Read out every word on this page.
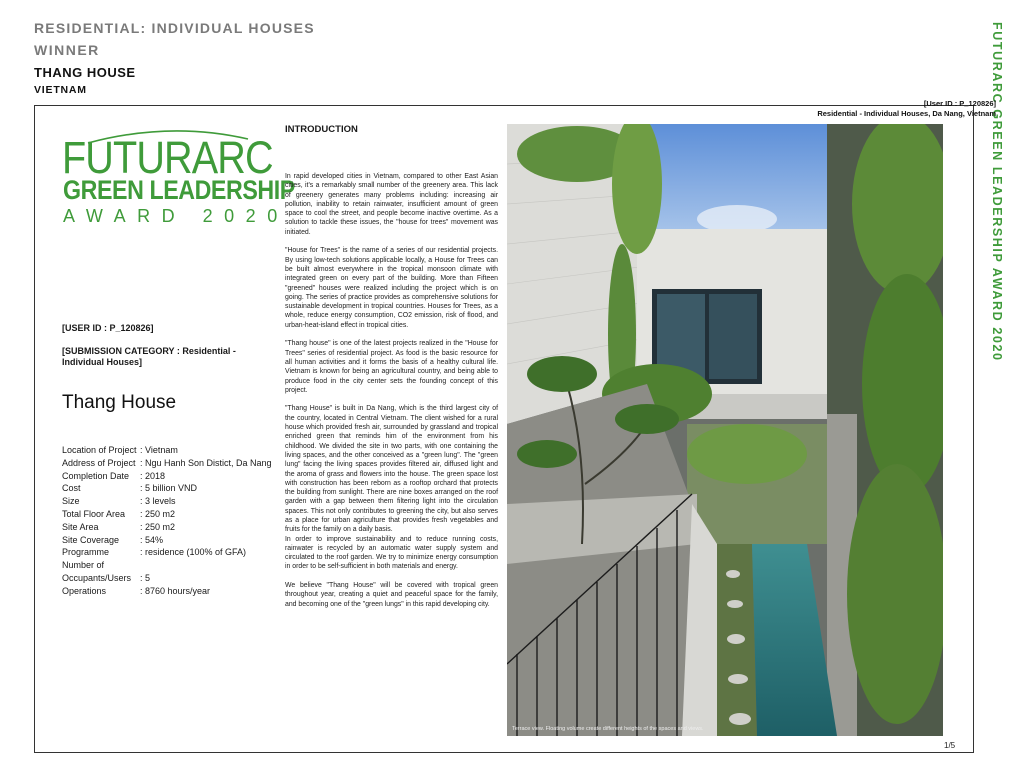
RESIDENTIAL: INDIVIDUAL HOUSES
WINNER
THANG HOUSE
VIETNAM	FUTURARC GREEN LEADERSHIP AWARD 2020
[User ID : P_120826]
Residential - Individual Houses, Da Nang, Vietnam
FUTURARC
GREEN LEADERSHIP
AWARD 2020
[USER ID : P_120826]
[SUBMISSION CATEGORY : Residential - Individual Houses]
Thang House
Location of Project : Vietnam
Address of Project : Ngu Hanh Son Distict, Da Nang
Completion Date	: 2018
Cost	: 5 billion VND
Size	: 3 levels
Total Floor Area	: 250 m2
Site Area	: 250 m2
Site Coverage	: 54%
Programme	: residence (100% of GFA)
Number of
Occupants/Users : 5
Operations	: 8760 hours/year
INTRODUCTION

In rapid developed cities in Vietnam, compared to other East Asian cities, it's a remarkably small number of the greenery area. This lack of greenery generates many problems including: increasing air pollution, inability to retain rainwater, insufficient amount of green space to cool the street, and people become inactive overtime. As a solution to tackle these issues, the "house for trees" movement was initiated.

"House for Trees" is the name of a series of our residential projects. By using low-tech solutions applicable locally, a House for Trees can be built almost everywhere in the tropical monsoon climate with integrated green on every part of the building. More than Fifteen "greened" houses were realized including the project which is on going. The series of practice provides as comprehensive solutions for sustainable development in tropical countries. Houses for Trees, as a whole, reduce energy consumption, CO2 emission, risk of flood, and urban-heat-island effect in tropical cities.

"Thang house" is one of the latest projects realized in the "House for Trees" series of residential project. As food is the basic resource for all human activities and it forms the basis of a healthy cultural life. Vietnam is known for being an agricultural country, and being able to produce food in the city center sets the founding concept of this project.

"Thang House" is built in Da Nang, which is the third largest city of the country, located in Central Vietnam. The client wished for a rural house which provided fresh air, surrounded by grassland and tropical enriched green that reminds him of the environment from his childhood. We divided the site in two parts, with one containing the living spaces, and the other conceived as a "green lung". The "green lung" facing the living spaces provides filtered air, diffused light and the aroma of grass and flowers into the house. The green space lost with construction has been reborn as a rooftop orchard that protects the building from sunlight. There are nine boxes arranged on the roof garden with a gap between them filtering light into the circulation spaces. This not only contributes to greening the city, but also serves as a place for urban agriculture that provides fresh vegetables and fruits for the family on a daily basis.

In order to improve sustainability and to reduce running costs, rainwater is recycled by an automatic water supply system and circulated to the roof garden. We try to minimize energy consumption in order to be self-sufficient in both materials and energy.

We believe "Thang House" will be covered with tropical green throughout year, creating a quiet and peaceful space for the family, and becoming one of the "green lungs" in this rapid developing city.

Terrace view. Floating volume create different heights of the spaces and views.
1/5
